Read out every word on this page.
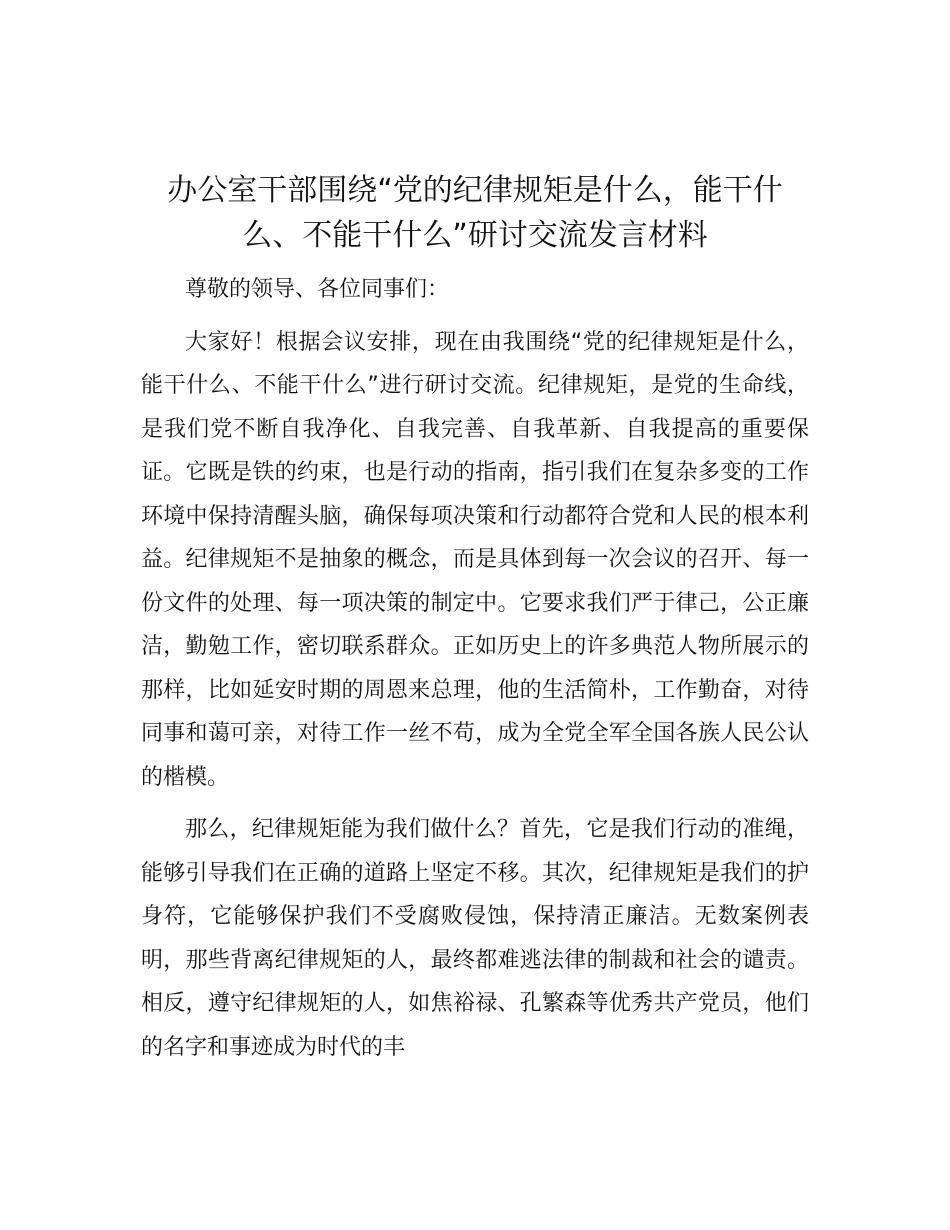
办公室干部围绕“党的纪律规矩是什么，能干什
么、不能干什么”研讨交流发言材料

尊敬的领导、各位同事们：

大家好！根据会议安排，现在由我围绕“党的纪律规矩是什么，能干什么、不能干什么”进行研讨交流。纪律规矩，是党的生命线，是我们党不断自我净化、自我完善、自我革新、自我提高的重要保证。它既是铁的约束，也是行动的指南，指引我们在复杂多变的工作环境中保持清醒头脑，确保每项决策和行动都符合党和人民的根本利益。纪律规矩不是抽象的概念，而是具体到每一次会议的召开、每一份文件的处理、每一项决策的制定中。它要求我们严于律己，公正廉洁，勤勉工作，密切联系群众。正如历史上的许多典范人物所展示的那样，比如延安时期的周恩来总理，他的生活简朴，工作勤奋，对待同事和蔼可亲，对待工作一丝不苟，成为全党全军全国各族人民公认的楷模。

那么，纪律规矩能为我们做什么？首先，它是我们行动的准绳，能够引导我们在正确的道路上坚定不移。其次，纪律规矩是我们的护身符，它能够保护我们不受腐败侵蚀，保持清正廉洁。无数案例表明，那些背离纪律规矩的人，最终都难逃法律的制裁和社会的谴责。相反，遵守纪律规矩的人，如焦裕禄、孔繁森等优秀共产党员，他们的名字和事迹成为时代的丰
